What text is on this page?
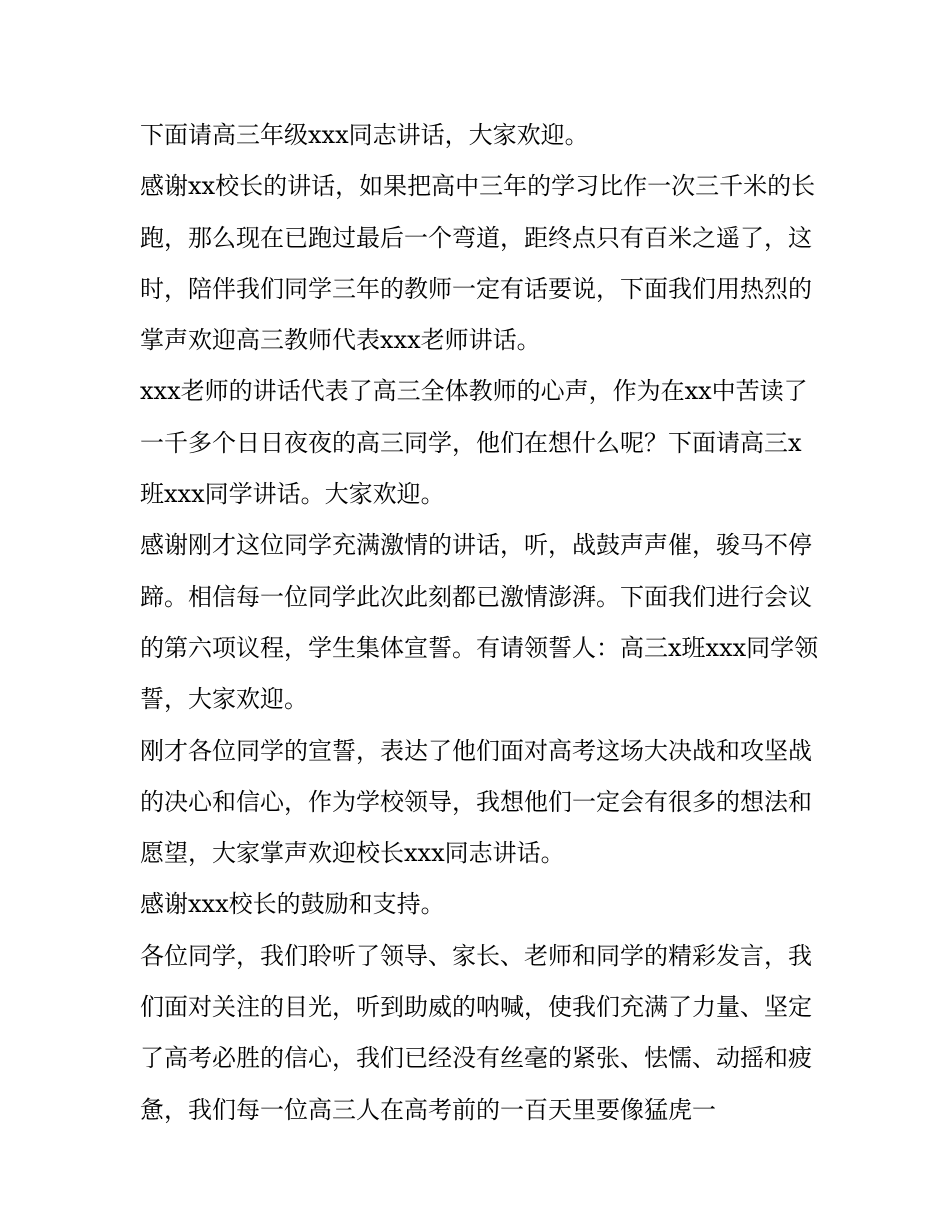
下面请高三年级xxx同志讲话，大家欢迎。

感谢xx校长的讲话，如果把高中三年的学习比作一次三千米的长跑，那么现在已跑过最后一个弯道，距终点只有百米之遥了，这时，陪伴我们同学三年的教师一定有话要说，下面我们用热烈的掌声欢迎高三教师代表xxx老师讲话。

xxx老师的讲话代表了高三全体教师的心声，作为在xx中苦读了一千多个日日夜夜的高三同学，他们在想什么呢？下面请高三x班xxx同学讲话。大家欢迎。

感谢刚才这位同学充满激情的讲话，听，战鼓声声催，骏马不停蹄。相信每一位同学此次此刻都已激情澎湃。下面我们进行会议的第六项议程，学生集体宣誓。有请领誓人：高三x班xxx同学领誓，大家欢迎。

刚才各位同学的宣誓，表达了他们面对高考这场大决战和攻坚战的决心和信心，作为学校领导，我想他们一定会有很多的想法和愿望，大家掌声欢迎校长xxx同志讲话。

感谢xxx校长的鼓励和支持。

各位同学，我们聆听了领导、家长、老师和同学的精彩发言，我们面对关注的目光，听到助威的呐喊，使我们充满了力量、坚定了高考必胜的信心，我们已经没有丝毫的紧张、怯懦、动摇和疲惫，我们每一位高三人在高考前的一百天里要像猛虎一
